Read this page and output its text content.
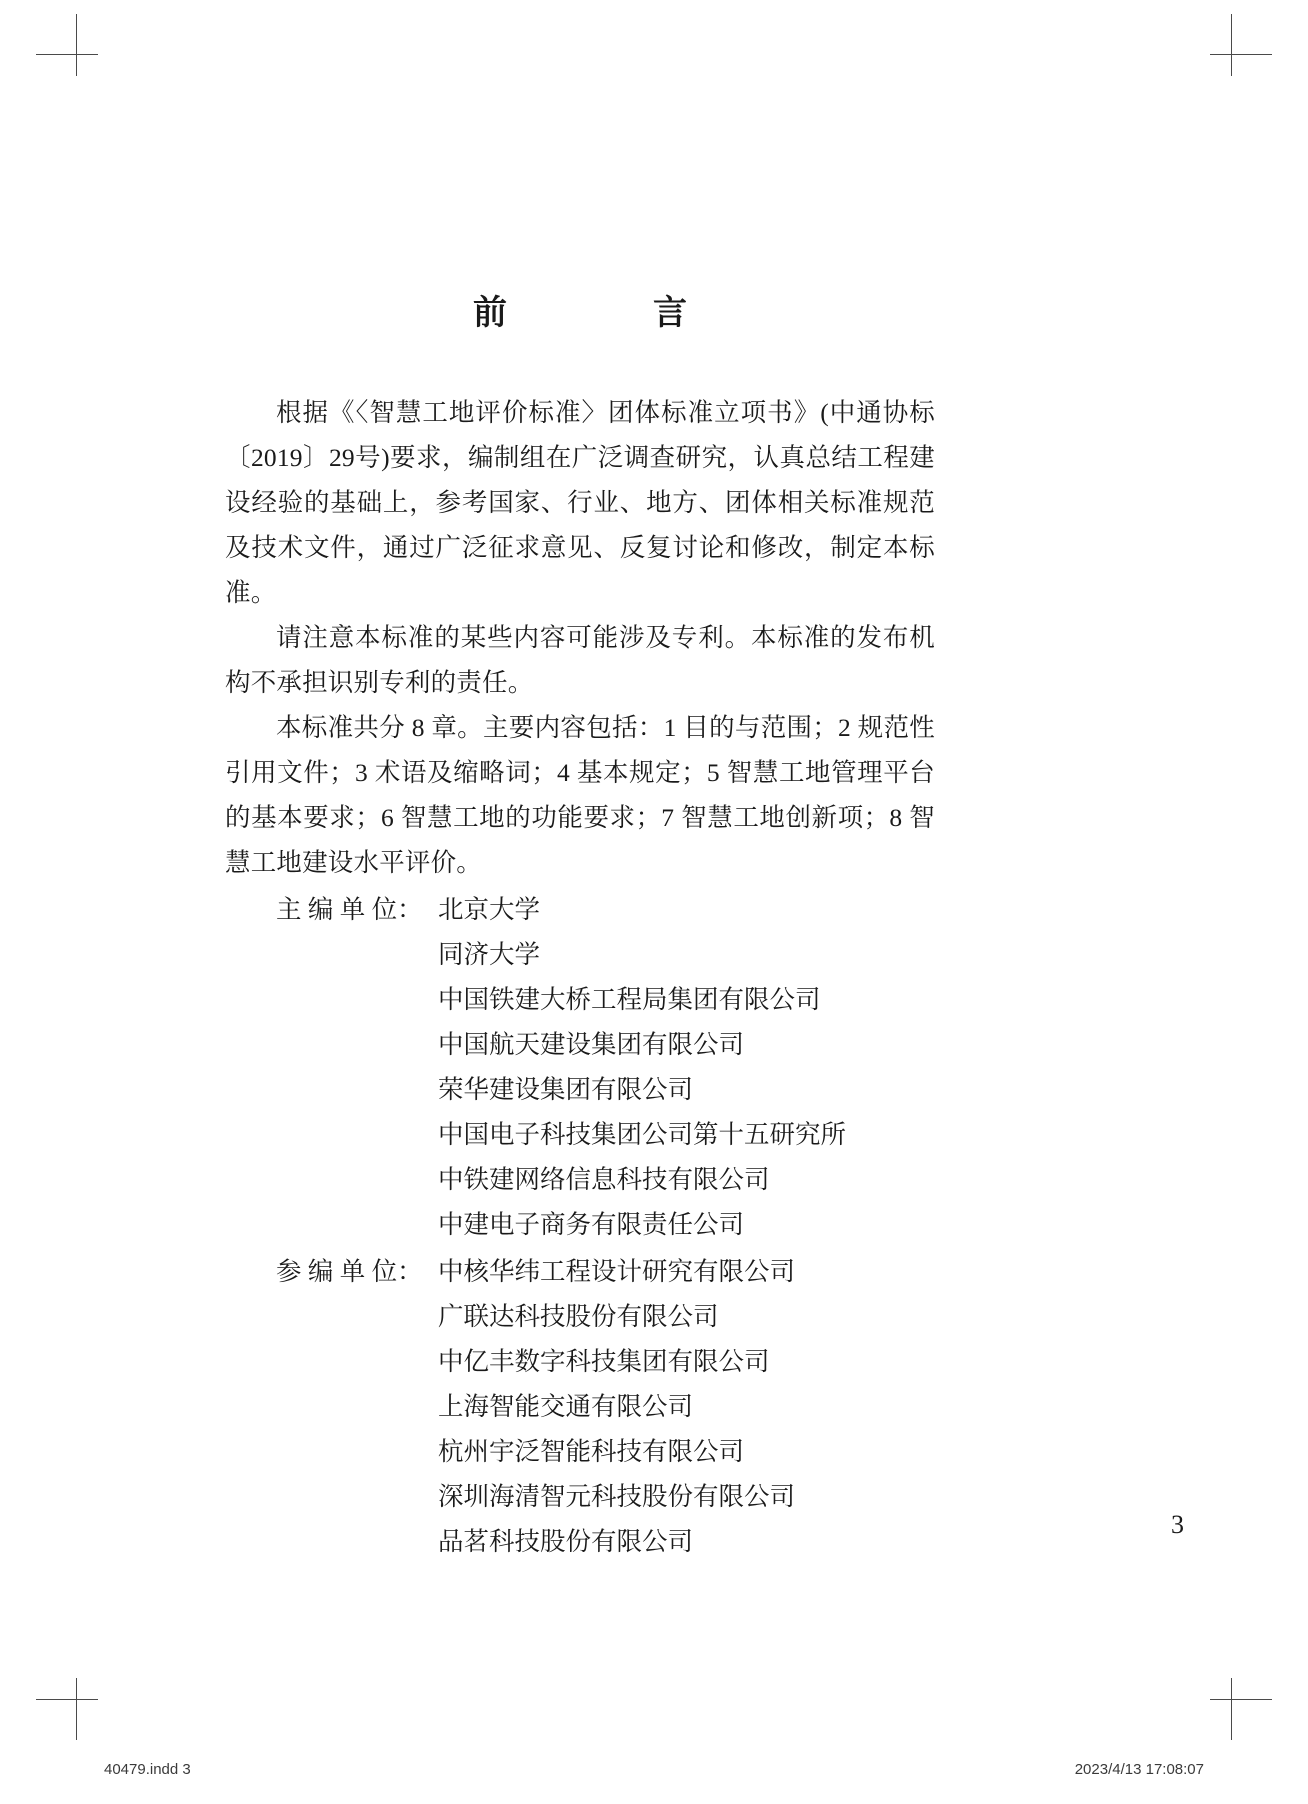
前　　言

根据《〈智慧工地评价标准〉团体标准立项书》(中通协标〔2019〕29号)要求，编制组在广泛调查研究，认真总结工程建设经验的基础上，参考国家、行业、地方、团体相关标准规范及技术文件，通过广泛征求意见、反复讨论和修改，制定本标准。

请注意本标准的某些内容可能涉及专利。本标准的发布机构不承担识别专利的责任。

本标准共分 8 章。主要内容包括：1 目的与范围；2 规范性引用文件；3 术语及缩略词；4 基本规定；5 智慧工地管理平台的基本要求；6 智慧工地的功能要求；7 智慧工地创新项；8 智慧工地建设水平评价。

主 编 单 位： 北京大学
同济大学
中国铁建大桥工程局集团有限公司
中国航天建设集团有限公司
荣华建设集团有限公司
中国电子科技集团公司第十五研究所
中铁建网络信息科技有限公司
中建电子商务有限责任公司
参 编 单 位： 中核华纬工程设计研究有限公司
广联达科技股份有限公司
中亿丰数字科技集团有限公司
上海智能交通有限公司
杭州宇泛智能科技有限公司
深圳海清智元科技股份有限公司
品茗科技股份有限公司
3
40479.indd 3	2023/4/13 17:08:07
